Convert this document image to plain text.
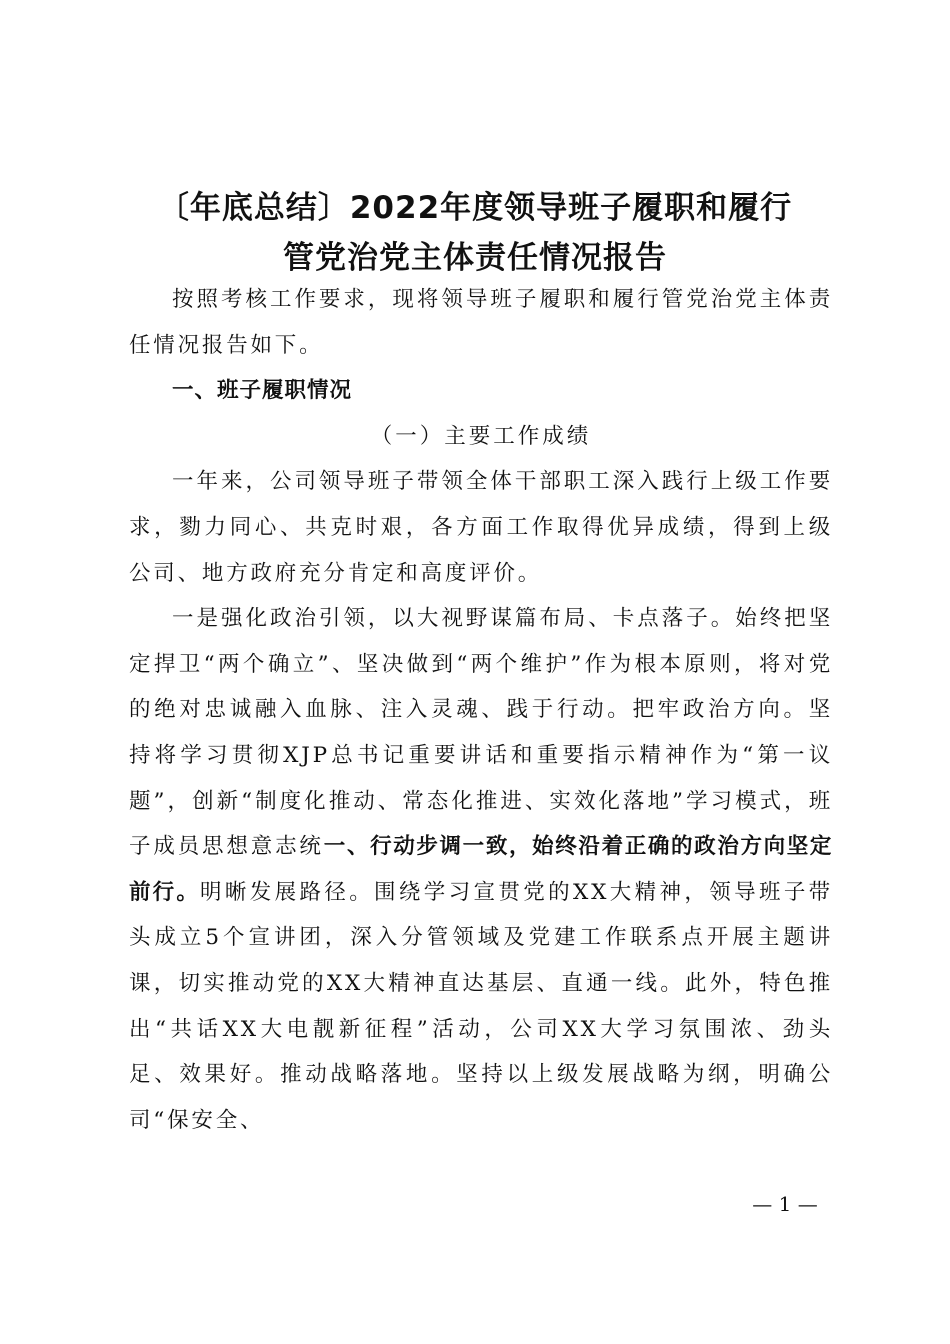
〔年底总结〕2022年度领导班子履职和履行
管党治党主体责任情况报告

按照考核工作要求，现将领导班子履职和履行管党治党主体责任情况报告如下。

一、班子履职情况

（一）主要工作成绩

一年来，公司领导班子带领全体干部职工深入践行上级工作要求，勠力同心、共克时艰，各方面工作取得优异成绩，得到上级公司、地方政府充分肯定和高度评价。

一是强化政治引领，以大视野谋篇布局、卡点落子。始终把坚定捍卫“两个确立”、坚决做到“两个维护”作为根本原则，将对党的绝对忠诚融入血脉、注入灵魂、践于行动。把牢政治方向。坚持将学习贯彻XJP总书记重要讲话和重要指示精神作为“第一议题”，创新“制度化推动、常态化推进、实效化落地”学习模式，班子成员思想意志统一、行动步调一致，始终沿着正确的政治方向坚定前行。明晰发展路径。围绕学习宣贯党的XX大精神，领导班子带头成立5个宣讲团，深入分管领域及党建工作联系点开展主题讲课，切实推动党的XX大精神直达基层、直通一线。此外，特色推出“共话XX大电靓新征程”活动，公司XX大学习氛围浓、劲头足、效果好。推动战略落地。坚持以上级发展战略为纲，明确公司“保安全、

— 1 —
